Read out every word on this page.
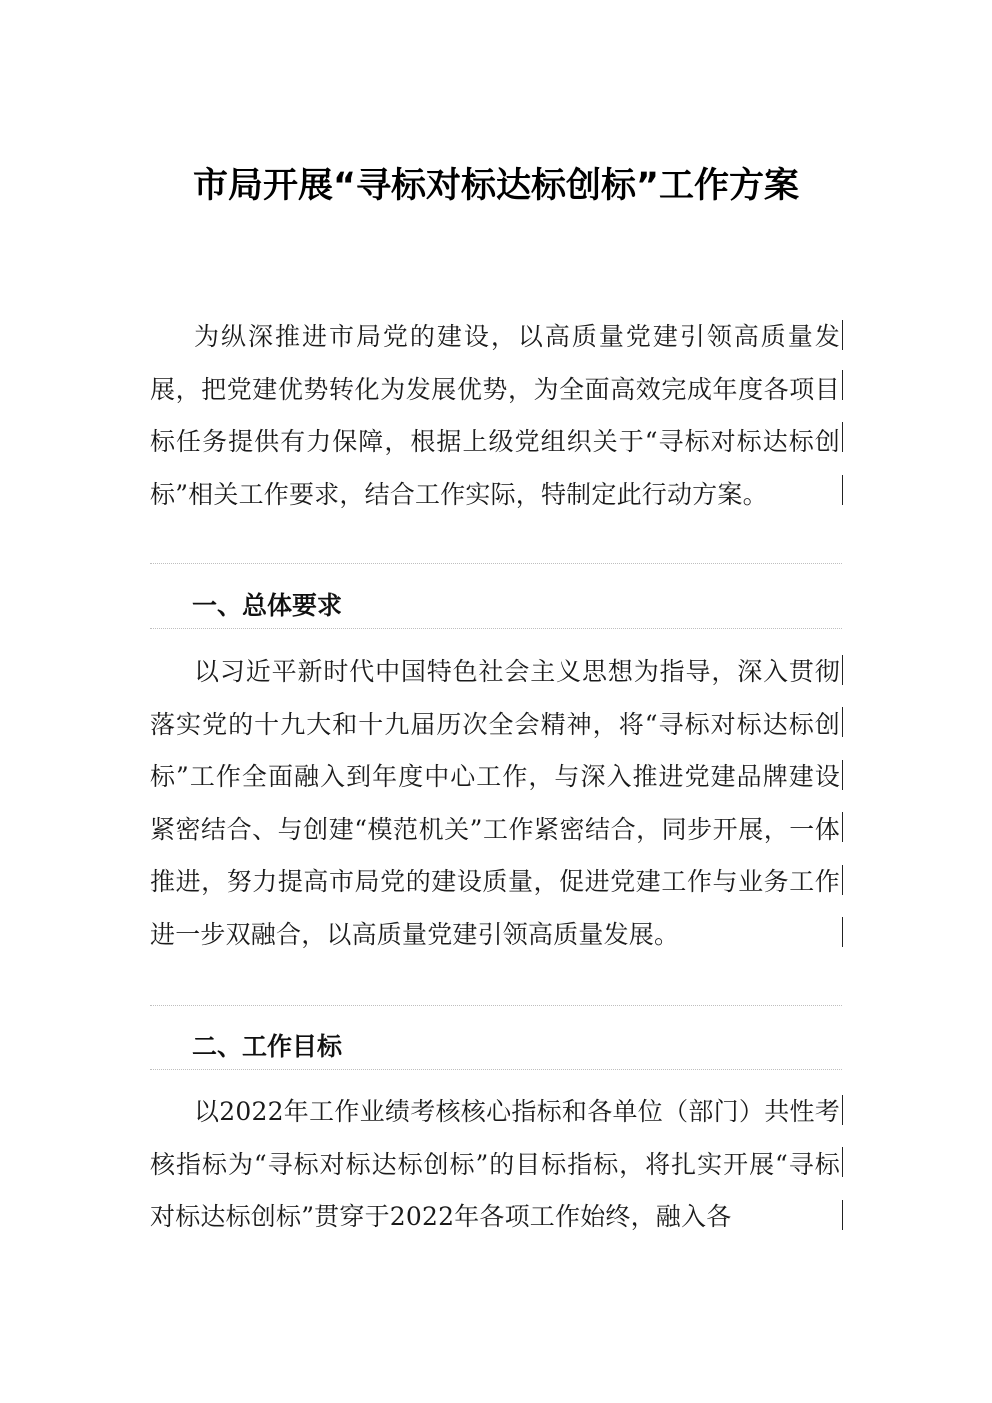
市局开展“寻标对标达标创标”工作方案

为纵深推进市局党的建设，以高质量党建引领高质量发展，把党建优势转化为发展优势，为全面高效完成年度各项目标任务提供有力保障，根据上级党组织关于“寻标对标达标创标”相关工作要求，结合工作实际，特制定此行动方案。

一、总体要求

以习近平新时代中国特色社会主义思想为指导，深入贯彻落实党的十九大和十九届历次全会精神，将“寻标对标达标创标”工作全面融入到年度中心工作，与深入推进党建品牌建设紧密结合、与创建“模范机关”工作紧密结合，同步开展，一体推进，努力提高市局党的建设质量，促进党建工作与业务工作进一步双融合，以高质量党建引领高质量发展。

二、工作目标

以2022年工作业绩考核核心指标和各单位（部门）共性考核指标为“寻标对标达标创标”的目标指标，将扎实开展“寻标对标达标创标”贯穿于2022年各项工作始终，融入各
